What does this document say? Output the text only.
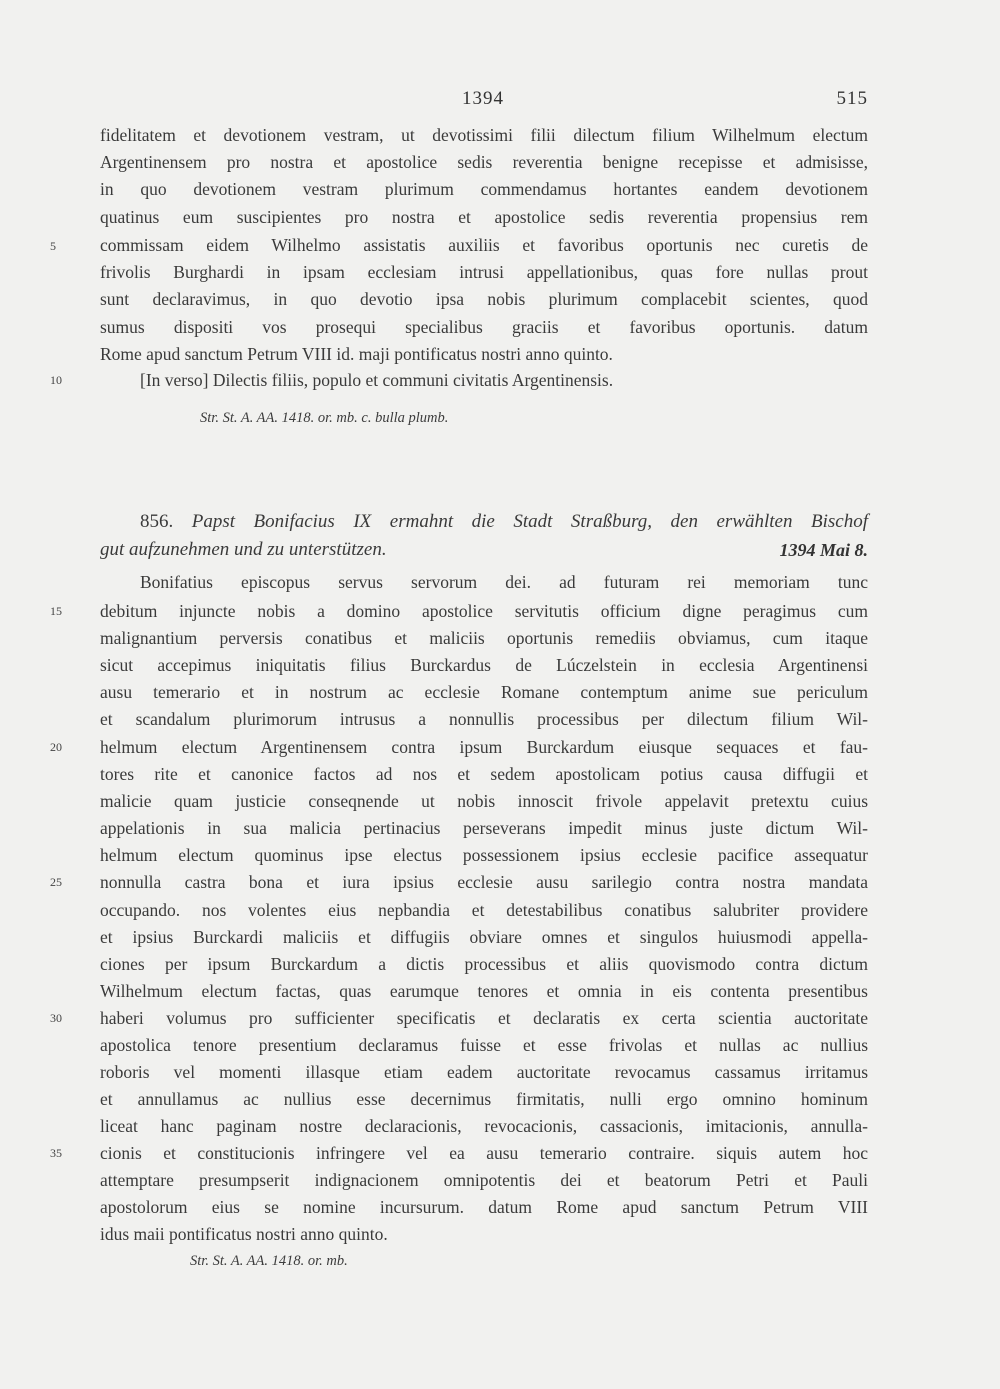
1394	515
fidelitatem et devotionem vestram, ut devotissimi filii dilectum filium Wilhelmum electum
Argentinensem pro nostra et apostolice sedis reverentia benigne recepisse et admisisse,
in quo devotionem vestram plurimum commendamus hortantes eandem devotionem
quatinus eum suscipientes pro nostra et apostolice sedis reverentia propensius rem
5	commissam eidem Wilhelmo assistatis auxiliis et favoribus oportunis nec curetis de
frivolis Burghardi in ipsam ecclesiam intrusi appellationibus, quas fore nullas prout
sunt declaravimus, in quo devotio ipsa nobis plurimum complacebit scientes, quod
sumus dispositi vos prosequi specialibus graciis et favoribus oportunis. datum
Rome apud sanctum Petrum VIII id. maji pontificatus nostri anno quinto.
10	[In verso] Dilectis filiis, populo et communi civitatis Argentinensis.
Str. St. A. AA. 1418. or. mb. c. bulla plumb.
856. Papst Bonifacius IX ermahnt die Stadt Straßburg, den erwählten Bischof
gut aufzunehmen und zu unterstützen.	1394 Mai 8.
Bonifatius episcopus servus servorum dei. ad futuram rei memoriam tunc
15	debitum injuncte nobis a domino apostolice servitutis officium digne peragimus cum
malignantium perversis conatibus et maliciis oportunis remediis obviamus, cum itaque
sicut accepimus iniquitatis filius Burckardus de Lúczelstein in ecclesia Argentinensi
ausu temerario et in nostrum ac ecclesie Romane contemptum anime sue periculum
et scandalum plurimorum intrusus a nonnullis processibus per dilectum filium Wil-
20	helmum electum Argentinensem contra ipsum Burckardum eiusque sequaces et fau-
tores rite et canonice factos ad nos et sedem apostolicam potius causa diffugii et
malicie quam justicie conseqnende ut nobis innoscit frivole appelavit pretextu cuius
appelationis in sua malicia pertinacius perseverans impedit minus juste dictum Wil-
helmum electum quominus ipse electus possessionem ipsius ecclesie pacifice assequatur
25	nonnulla castra bona et iura ipsius ecclesie ausu sarilegio contra nostra mandata
occupando. nos volentes eius nepbandia et detestabilibus conatibus salubriter providere
et ipsius Burckardi maliciis et diffugiis obviare omnes et singulos huiusmodi appella-
ciones per ipsum Burckardum a dictis processibus et aliis quovismodo contra dictum
Wilhelmum electum factas, quas earumque tenores et omnia in eis contenta presentibus
30	haberi volumus pro sufficienter specificatis et declaratis ex certa scientia auctoritate
apostolica tenore presentium declaramus fuisse et esse frivolas et nullas ac nullius
roboris vel momenti illasque etiam eadem auctoritate revocamus cassamus irritamus
et annullamus ac nullius esse decernimus firmitatis, nulli ergo omnino hominum
liceat hanc paginam nostre declaracionis, revocacionis, cassacionis, imitacionis, annulla-
35	cionis et constitucionis infringere vel ea ausu temerario contraire. siquis autem hoc
attemptare presumpserit indignacionem omnipotentis dei et beatorum Petri et Pauli
apostolorum eius se nomine incursurum. datum Rome apud sanctum Petrum VIII
idus maii pontificatus nostri anno quinto.
Str. St. A. AA. 1418. or. mb.
